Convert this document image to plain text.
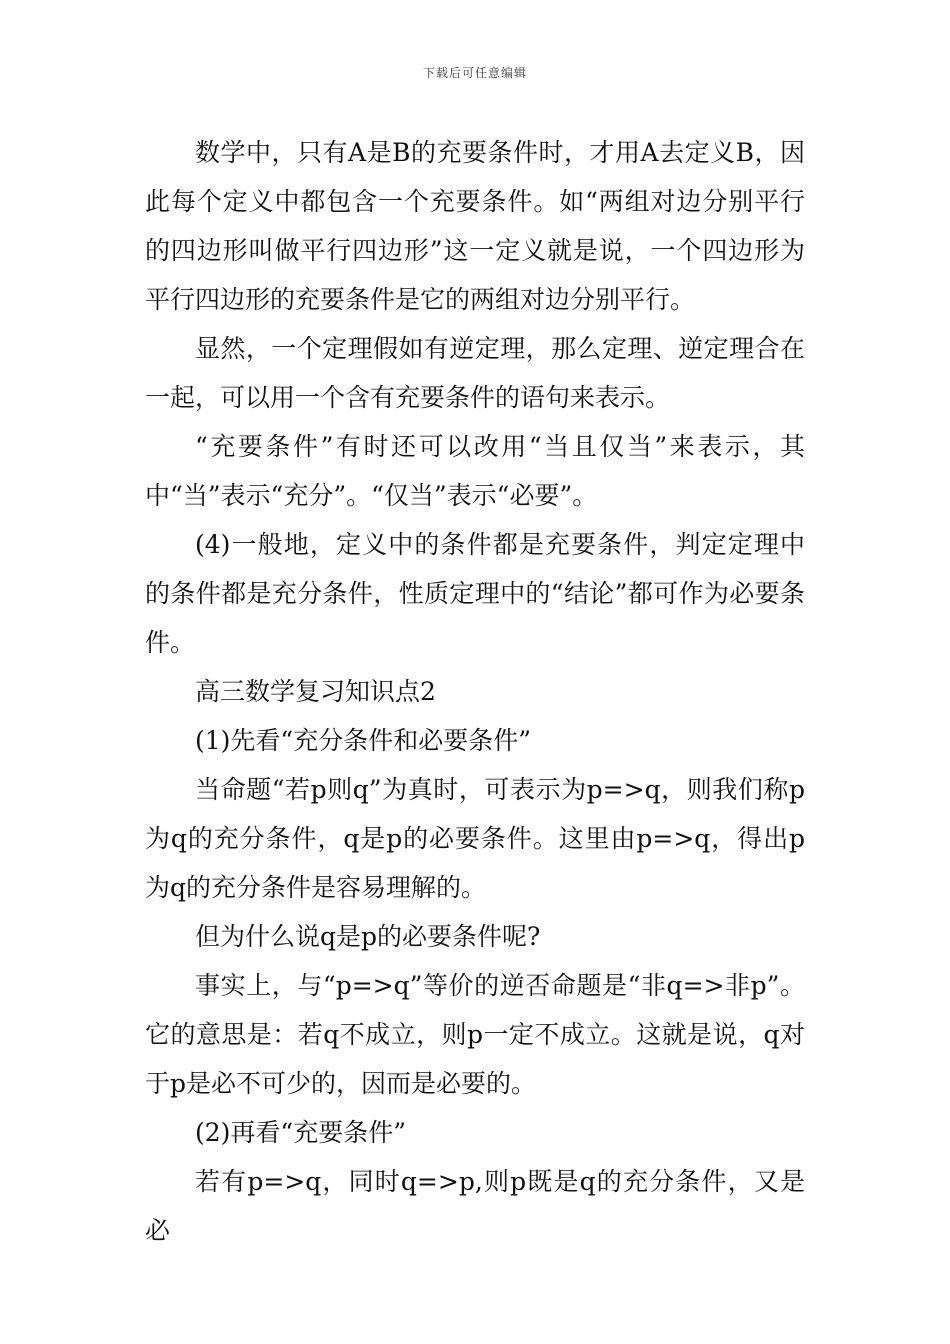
下载后可任意编辑

数学中，只有A是B的充要条件时，才用A去定义B，因此每个定义中都包含一个充要条件。如“两组对边分别平行的四边形叫做平行四边形”这一定义就是说，一个四边形为平行四边形的充要条件是它的两组对边分别平行。

显然，一个定理假如有逆定理，那么定理、逆定理合在一起，可以用一个含有充要条件的语句来表示。

“充要条件”有时还可以改用“当且仅当”来表示，其中“当”表示“充分”。“仅当”表示“必要”。

(4)一般地，定义中的条件都是充要条件，判定定理中的条件都是充分条件，性质定理中的“结论”都可作为必要条件。

高三数学复习知识点2

(1)先看“充分条件和必要条件”

当命题“若p则q”为真时，可表示为p=>q，则我们称p为q的充分条件，q是p的必要条件。这里由p=>q，得出p为q的充分条件是容易理解的。

但为什么说q是p的必要条件呢?

事实上，与“p=>q”等价的逆否命题是“非q=>非p”。它的意思是：若q不成立，则p一定不成立。这就是说，q对于p是必不可少的，因而是必要的。

(2)再看“充要条件”

若有p=>q，同时q=>p,则p既是q的充分条件，又是必
